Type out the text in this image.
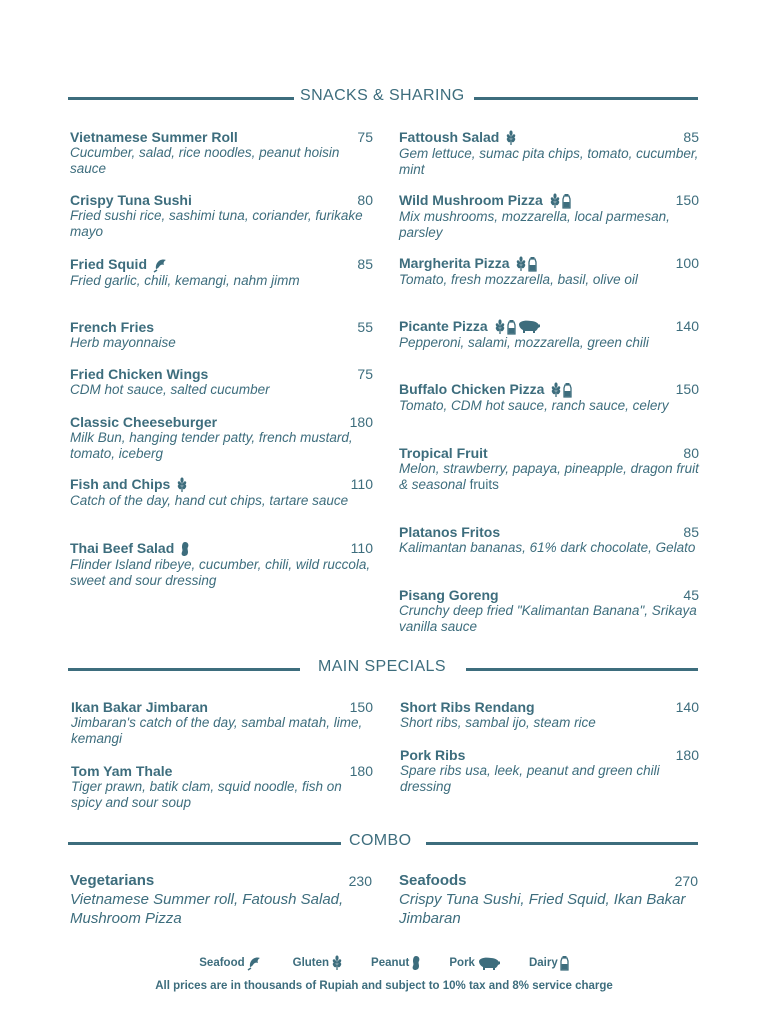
SNACKS & SHARING
MAIN SPECIALS
COMBO
Vietnamese Summer Roll	75
Cucumber, salad, rice noodles, peanut hoisin sauce
Crispy Tuna Sushi	80
Fried sushi rice, sashimi tuna, coriander, furikake mayo
Fried Squid	85
Fried garlic, chili, kemangi, nahm jimm
French Fries	55
Herb mayonnaise
Fried Chicken Wings	75
CDM hot sauce, salted cucumber
Classic Cheeseburger	180
Milk Bun, hanging tender patty, french mustard, tomato, iceberg
Fish and Chips	110
Catch of the day, hand cut chips, tartare sauce
Thai Beef Salad	110
Flinder Island ribeye, cucumber, chili, wild ruccola, sweet and sour dressing
Fattoush Salad	85
Gem lettuce, sumac pita chips, tomato, cucumber, mint
Wild Mushroom Pizza	150
Mix mushrooms, mozzarella, local parmesan, parsley
Margherita Pizza	100
Tomato, fresh mozzarella, basil, olive oil
Picante Pizza	140
Pepperoni, salami, mozzarella, green chili
Buffalo Chicken Pizza	150
Tomato, CDM hot sauce, ranch sauce, celery
Tropical Fruit	80
Melon, strawberry, papaya, pineapple, dragon fruit & seasonal fruits
Platanos Fritos	85
Kalimantan bananas, 61% dark chocolate, Gelato
Pisang Goreng	45
Crunchy deep fried "Kalimantan Banana", Srikaya vanilla sauce
Ikan Bakar Jimbaran	150
Jimbaran's catch of the day, sambal matah, lime, kemangi
Tom Yam Thale	180
Tiger prawn, batik clam, squid noodle, fish on spicy and sour soup
Short Ribs Rendang	140
Short ribs, sambal ijo, steam rice
Pork Ribs	180
Spare ribs usa, leek, peanut and green chili dressing
Vegetarians	230
Vietnamese Summer roll, Fatoush Salad, Mushroom Pizza
Seafoods	270
Crispy Tuna Sushi, Fried Squid, Ikan Bakar Jimbaran
Seafood	Gluten	Peanut	Pork	Dairy
All prices are in thousands of Rupiah and subject to 10% tax and 8% service charge
